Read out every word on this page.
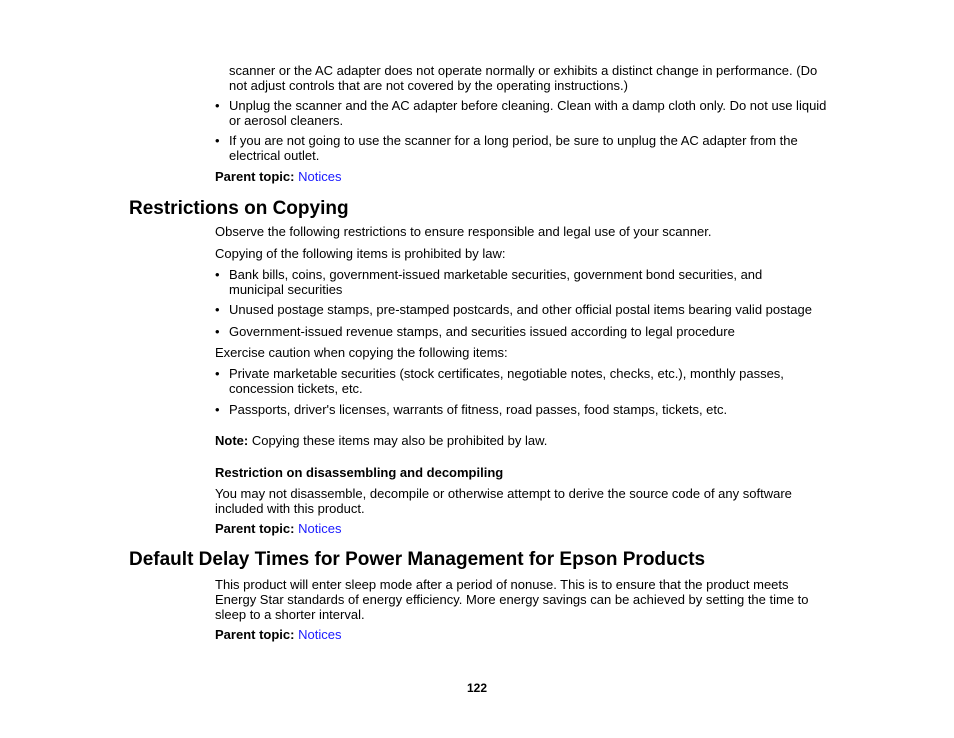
scanner or the AC adapter does not operate normally or exhibits a distinct change in performance. (Do not adjust controls that are not covered by the operating instructions.)
• Unplug the scanner and the AC adapter before cleaning. Clean with a damp cloth only. Do not use liquid or aerosol cleaners.
• If you are not going to use the scanner for a long period, be sure to unplug the AC adapter from the electrical outlet.
Parent topic: Notices
Restrictions on Copying
Observe the following restrictions to ensure responsible and legal use of your scanner.
Copying of the following items is prohibited by law:
• Bank bills, coins, government-issued marketable securities, government bond securities, and municipal securities
• Unused postage stamps, pre-stamped postcards, and other official postal items bearing valid postage
• Government-issued revenue stamps, and securities issued according to legal procedure
Exercise caution when copying the following items:
• Private marketable securities (stock certificates, negotiable notes, checks, etc.), monthly passes, concession tickets, etc.
• Passports, driver's licenses, warrants of fitness, road passes, food stamps, tickets, etc.
Note: Copying these items may also be prohibited by law.
Restriction on disassembling and decompiling
You may not disassemble, decompile or otherwise attempt to derive the source code of any software included with this product.
Parent topic: Notices
Default Delay Times for Power Management for Epson Products
This product will enter sleep mode after a period of nonuse. This is to ensure that the product meets Energy Star standards of energy efficiency. More energy savings can be achieved by setting the time to sleep to a shorter interval.
Parent topic: Notices
122
